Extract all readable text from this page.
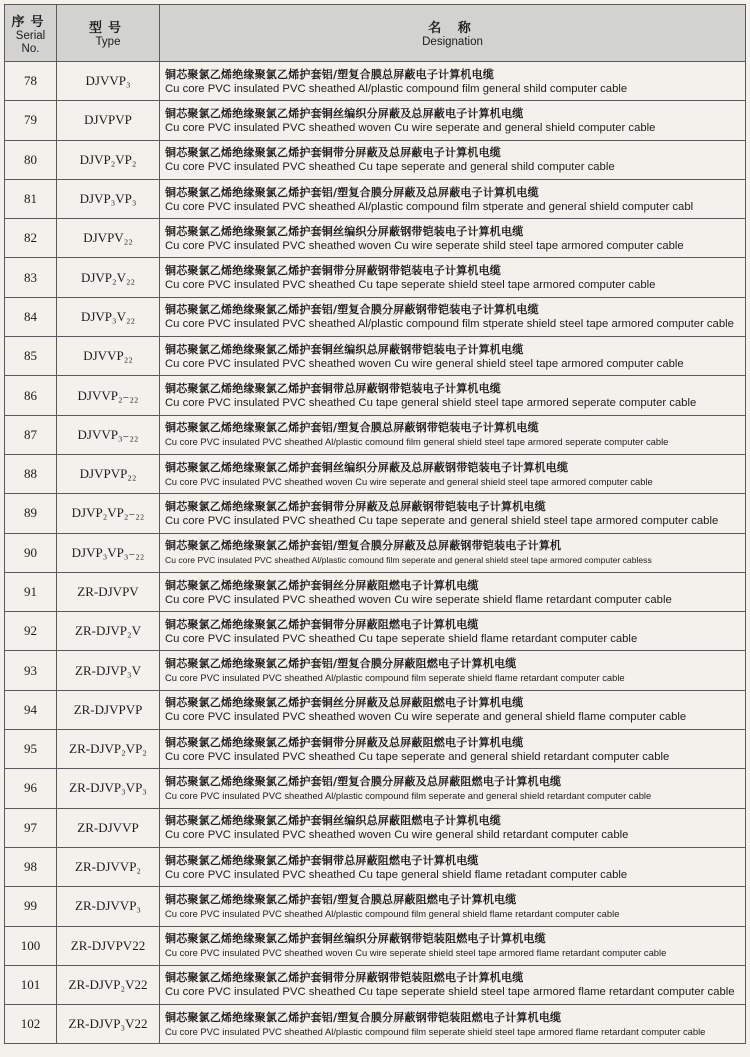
序号
Serial
No.	型号
Type	名 称
Designation

78	DJVVP₃	铜芯聚氯乙烯绝缘聚氯乙烯护套铝/塑复合膜总屏蔽电子计算机电缆
Cu core PVC insulated PVC sheathed Al/plastic compound film general shild computer cable

79	DJVPVP	铜芯聚氯乙烯绝缘聚氯乙烯护套铜丝编织分屏蔽及总屏蔽电子计算机电缆
Cu core PVC insulated PVC sheathed woven Cu wire seperate and general shield computer cable

80	DJVP₂VP₂	铜芯聚氯乙烯绝缘聚氯乙烯护套铜带分屏蔽及总屏蔽电子计算机电缆
Cu core PVC insulated PVC sheathed Cu tape seperate and general shild computer cable

81	DJVP₃VP₃	铜芯聚氯乙烯绝缘聚氯乙烯护套铝/塑复合膜分屏蔽及总屏蔽电子计算机电缆
Cu core PVC insulated PVC sheathed Al/plastic compound film stperate and general shield computer cabl

82	DJVPV₂₂	铜芯聚氯乙烯绝缘聚氯乙烯护套铜丝编织分屏蔽钢带铠装电子计算机电缆
Cu core PVC insulated PVC sheathed woven Cu wire seperate shild steel tape armored computer cable

83	DJVP₂V₂₂	铜芯聚氯乙烯绝缘聚氯乙烯护套铜带分屏蔽钢带铠装电子计算机电缆
Cu core PVC insulated PVC sheathed Cu tape seperate shield steel tape armored computer cable

84	DJVP₃V₂₂	铜芯聚氯乙烯绝缘聚氯乙烯护套铝/塑复合膜分屏蔽钢带铠装电子计算机电缆
Cu core PVC insulated PVC sheathed Al/plastic compound film stperate shield steel tape armored computer cable

85	DJVVP₂₂	铜芯聚氯乙烯绝缘聚氯乙烯护套铜丝编织总屏蔽钢带铠装电子计算机电缆
Cu core PVC insulated PVC sheathed woven Cu wire general shield steel tape armored computer cable

86	DJVVP₂₋₂₂	铜芯聚氯乙烯绝缘聚氯乙烯护套铜带总屏蔽钢带铠装电子计算机电缆
Cu core PVC insulated PVC sheathed Cu tape general shield steel tape armored seperate computer cable

87	DJVVP₃₋₂₂	铜芯聚氯乙烯绝缘聚氯乙烯护套铝/塑复合膜总屏蔽钢带铠装电子计算机电缆
Cu core PVC insulated PVC sheathed Al/plastic comound film general shield steel tape armored seperate computer cable

88	DJVPVP₂₂	铜芯聚氯乙烯绝缘聚氯乙烯护套铜丝编织分屏蔽及总屏蔽钢带铠装电子计算机电缆
Cu core PVC insulated PVC sheathed woven Cu wire seperate and general shield steel tape armored computer cable

89	DJVP₂VP₂₋₂₂	铜芯聚氯乙烯绝缘聚氯乙烯护套铜带分屏蔽及总屏蔽钢带铠装电子计算机电缆
Cu core PVC insulated PVC sheathed Cu tape seperate and general shield steel tape armored computer cable

90	DJVP₃VP₃₋₂₂	铜芯聚氯乙烯绝缘聚氯乙烯护套铝/塑复合膜分屏蔽及总屏蔽钢带铠装电子计算机
Cu core PVC insulated PVC sheathed Al/plastic comound film seperate and general shield steel tape armored computer cabless

91	ZR-DJVPV	铜芯聚氯乙烯绝缘聚氯乙烯护套铜丝分屏蔽阻燃电子计算机电缆
Cu core PVC insulated PVC sheathed woven Cu wire seperate shield flame retardant computer cable

92	ZR-DJVP₂V	铜芯聚氯乙烯绝缘聚氯乙烯护套铜带分屏蔽阻燃电子计算机电缆
Cu core PVC insulated PVC sheathed Cu tape seperate shield flame retardant computer cable

93	ZR-DJVP₃V	铜芯聚氯乙烯绝缘聚氯乙烯护套铝/塑复合膜分屏蔽阻燃电子计算机电缆
Cu core PVC insulated PVC sheathed Al/plastic compound film seperate shield flame retardant computer cable

94	ZR-DJVPVP	铜芯聚氯乙烯绝缘聚氯乙烯护套铜丝分屏蔽及总屏蔽阻燃电子计算机电缆
Cu core PVC insulated PVC sheathed woven Cu wire seperate and general shield flame computer cable

95	ZR-DJVP₂VP₂	铜芯聚氯乙烯绝缘聚氯乙烯护套铜带分屏蔽及总屏蔽阻燃电子计算机电缆
Cu core PVC insulated PVC sheathed Cu tape seperate and general shield retardant computer cable

96	ZR-DJVP₃VP₃	铜芯聚氯乙烯绝缘聚氯乙烯护套铝/塑复合膜分屏蔽及总屏蔽阻燃电子计算机电缆
Cu core PVC insulated PVC sheathed Al/plastic compound film seperate and general shield retardant computer cable

97	ZR-DJVVP	铜芯聚氯乙烯绝缘聚氯乙烯护套铜丝编织总屏蔽阻燃电子计算机电缆
Cu core PVC insulated PVC sheathed woven Cu wire general shild retardant computer cable

98	ZR-DJVVP₂	铜芯聚氯乙烯绝缘聚氯乙烯护套铜带总屏蔽阻燃电子计算机电缆
Cu core PVC insulated PVC sheathed Cu tape general shield flame retadant computer cable

99	ZR-DJVVP₃	铜芯聚氯乙烯绝缘聚氯乙烯护套铝/塑复合膜总屏蔽阻燃电子计算机电缆
Cu core PVC insulated PVC sheathed Al/plastic compound film general shield flame retardant computer cable

100	ZR-DJVPV22	铜芯聚氯乙烯绝缘聚氯乙烯护套铜丝编织分屏蔽钢带铠装阻燃电子计算机电缆
Cu core PVC insulated PVC sheathed woven Cu wire seperate shield steel tape armored flame retardant computer cable

101	ZR-DJVP₂V22	铜芯聚氯乙烯绝缘聚氯乙烯护套铜带分屏蔽钢带铠装阻燃电子计算机电缆
Cu core PVC insulated PVC sheathed Cu tape seperate shield steel tape armored flame retardant computer cable

102	ZR-DJVP₃V22	铜芯聚氯乙烯绝缘聚氯乙烯护套铝/塑复合膜分屏蔽钢带铠装阻燃电子计算机电缆
Cu core PVC insulated PVC sheathed Al/plastic compound film seperate shield steel tape armored flame retardant computer cable
